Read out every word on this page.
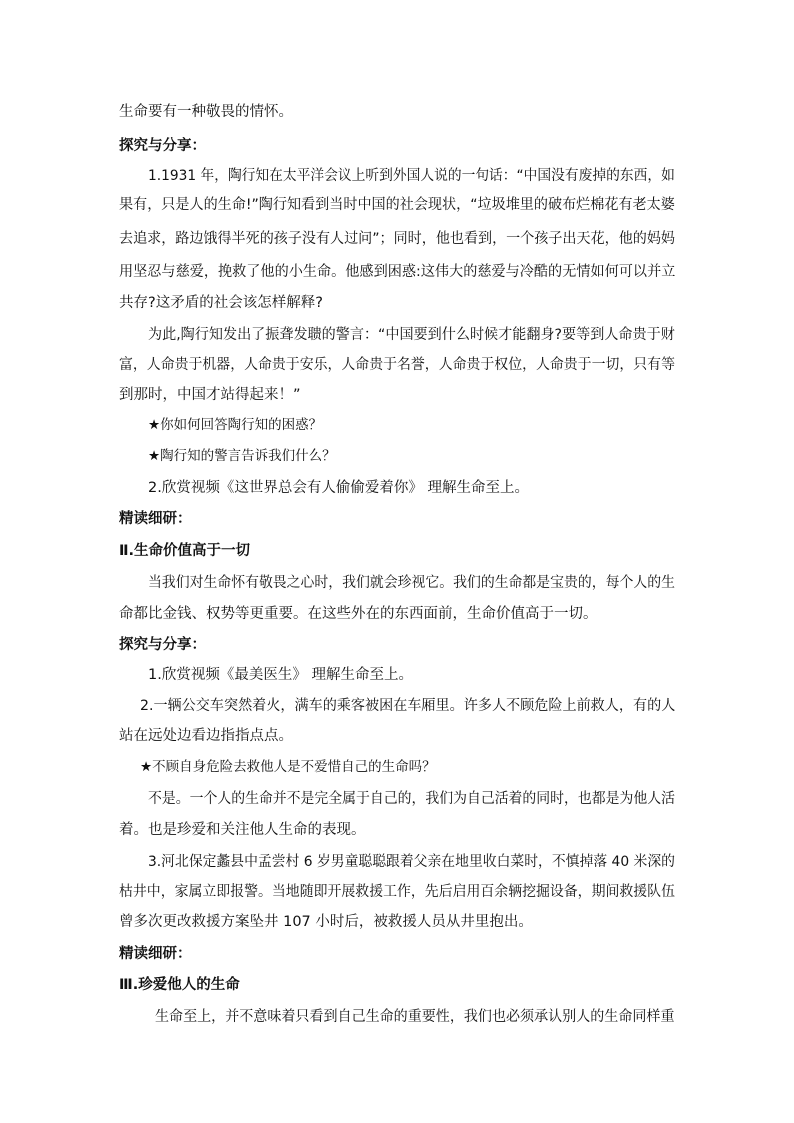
生命要有一种敬畏的情怀。
探究与分享：
1.1931 年，陶行知在太平洋会议上听到外国人说的一句话：“中国没有废掉的东西，如
果有，只是人的生命!”陶行知看到当时中国的社会现状，“垃圾堆里的破布烂棉花有老太婆
去追求，路边饿得半死的孩子没有人过问”；同时，他也看到，一个孩子出天花，他的妈妈
用坚忍与慈爱，挽救了他的小生命。他感到困惑:这伟大的慈爱与冷酷的无情如何可以并立
共存?这矛盾的社会该怎样解释?
为此,陶行知发出了振聋发聩的警言：“中国要到什么时候才能翻身?要等到人命贵于财
富，人命贵于机器，人命贵于安乐，人命贵于名誉，人命贵于权位，人命贵于一切，只有等
到那时，中国才站得起来！”
★你如何回答陶行知的困惑？
★陶行知的警言告诉我们什么？
2.欣赏视频《这世界总会有人偷偷爱着你》 理解生命至上。
精读细研：
Ⅱ.生命价值高于一切
当我们对生命怀有敬畏之心时，我们就会珍视它。我们的生命都是宝贵的，每个人的生
命都比金钱、权势等更重要。在这些外在的东西面前，生命价值高于一切。
探究与分享：
1.欣赏视频《最美医生》 理解生命至上。
2.一辆公交车突然着火，满车的乘客被困在车厢里。许多人不顾危险上前救人，有的人
站在远处边看边指指点点。
★不顾自身危险去救他人是不爱惜自己的生命吗？
不是。一个人的生命并不是完全属于自己的，我们为自己活着的同时，也都是为他人活
着。也是珍爱和关注他人生命的表现。
3.河北保定蠡县中孟尝村 6 岁男童聪聪跟着父亲在地里收白菜时，不慎掉落 40 米深的
枯井中，家属立即报警。当地随即开展救援工作，先后启用百余辆挖掘设备，期间救援队伍
曾多次更改救援方案坠井 107 小时后，被救援人员从井里抱出。
精读细研：
Ⅲ.珍爱他人的生命
生命至上，并不意味着只看到自己生命的重要性，我们也必须承认别人的生命同样重
